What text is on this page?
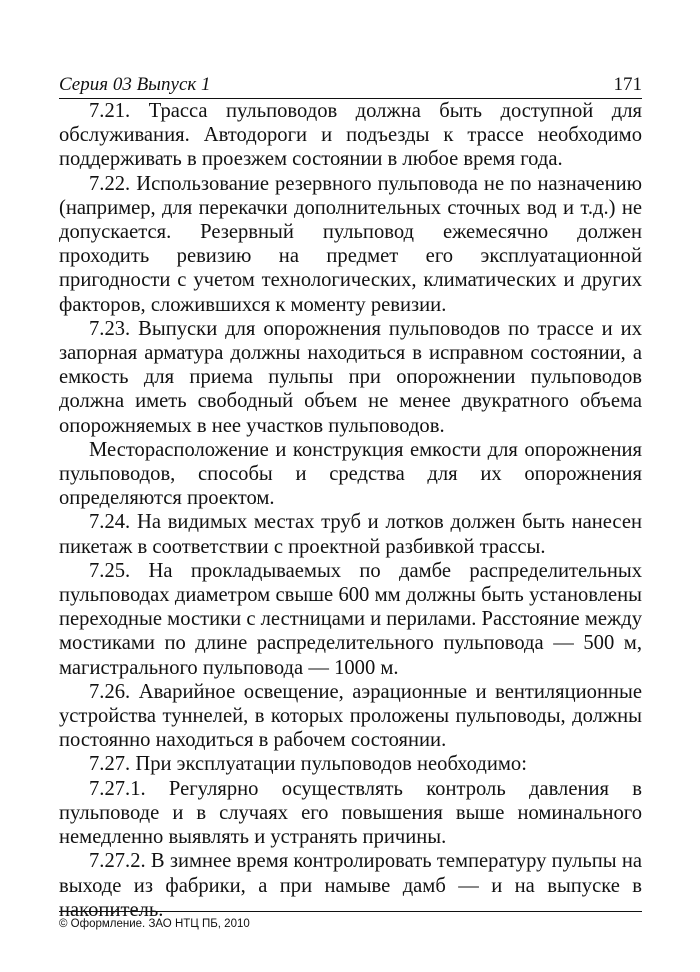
Серия 03 Выпуск 1	171

7.21. Трасса пульповодов должна быть доступной для обслуживания. Автодороги и подъезды к трассе необходимо поддерживать в проезжем состоянии в любое время года.

7.22. Использование резервного пульповода не по назначению (например, для перекачки дополнительных сточных вод и т.д.) не допускается. Резервный пульповод ежемесячно должен проходить ревизию на предмет его эксплуатационной пригодности с учетом технологических, климатических и других факторов, сложившихся к моменту ревизии.

7.23. Выпуски для опорожнения пульповодов по трассе и их запорная арматура должны находиться в исправном состоянии, а емкость для приема пульпы при опорожнении пульповодов должна иметь свободный объем не менее двукратного объема опорожняемых в нее участков пульповодов.

Месторасположение и конструкция емкости для опорожнения пульповодов, способы и средства для их опорожнения определяются проектом.

7.24. На видимых местах труб и лотков должен быть нанесен пикетаж в соответствии с проектной разбивкой трассы.

7.25. На прокладываемых по дамбе распределительных пульповодах диаметром свыше 600 мм должны быть установлены переходные мостики с лестницами и перилами. Расстояние между мостиками по длине распределительного пульповода — 500 м, магистрального пульповода — 1000 м.

7.26. Аварийное освещение, аэрационные и вентиляционные устройства туннелей, в которых проложены пульповоды, должны постоянно находиться в рабочем состоянии.

7.27. При эксплуатации пульповодов необходимо:

7.27.1. Регулярно осуществлять контроль давления в пульповоде и в случаях его повышения выше номинального немедленно выявлять и устранять причины.

7.27.2. В зимнее время контролировать температуру пульпы на выходе из фабрики, а при намыве дамб — и на выпуске в накопитель.

© Оформление. ЗАО НТЦ ПБ, 2010
